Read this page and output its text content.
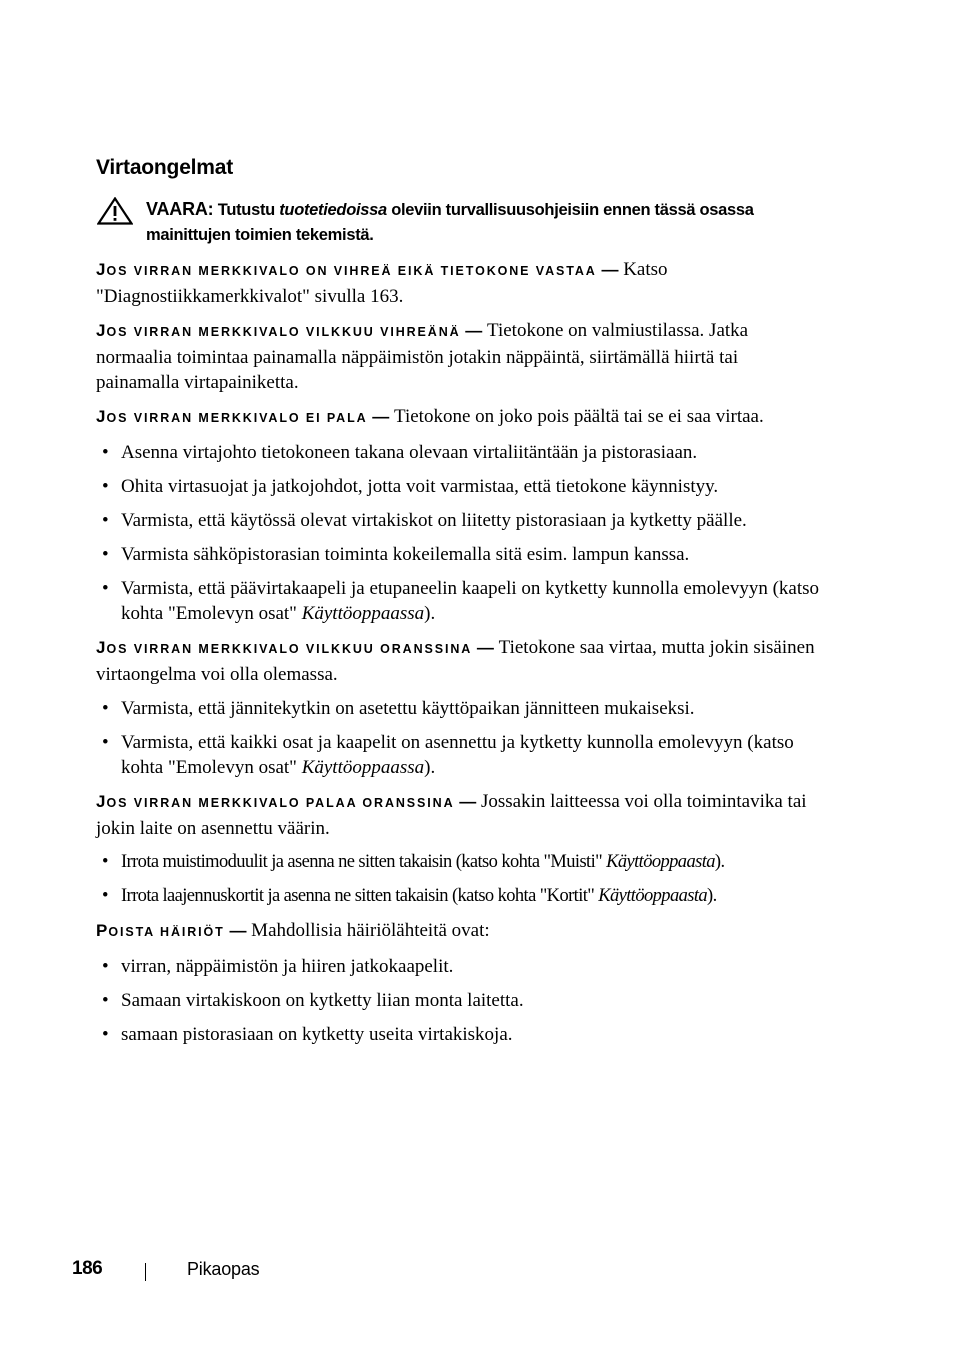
Virtaongelmat
VAARA: Tutustu tuotetiedoissa oleviin turvallisuusohjeisiin ennen tässä osassa mainittujen toimien tekemistä.

JOS VIRRAN MERKKIVALO ON VIHREÄ EIKÄ TIETOKONE VASTAA — Katso "Diagnostiikkamerkkivalot" sivulla 163.

JOS VIRRAN MERKKIVALO VILKKUU VIHREÄNÄ — Tietokone on valmiustilassa. Jatka normaalia toimintaa painamalla näppäimistön jotakin näppäintä, siirtämällä hiirtä tai painamalla virtapainiketta.

JOS VIRRAN MERKKIVALO EI PALA — Tietokone on joko pois päältä tai se ei saa virtaa.

• Asenna virtajohto tietokoneen takana olevaan virtaliitäntään ja pistorasiaan.
• Ohita virtasuojat ja jatkojohdot, jotta voit varmistaa, että tietokone käynnistyy.
• Varmista, että käytössä olevat virtakiskot on liitetty pistorasiaan ja kytketty päälle.
• Varmista sähköpistorasian toiminta kokeilemalla sitä esim. lampun kanssa.
• Varmista, että päävirtakaapeli ja etupaneelin kaapeli on kytketty kunnolla emolevyyn (katso kohta "Emolevyn osat" Käyttöoppaassa).

JOS VIRRAN MERKKIVALO VILKKUU ORANSSINA — Tietokone saa virtaa, mutta jokin sisäinen virtaongelma voi olla olemassa.

• Varmista, että jännitekytkin on asetettu käyttöpaikan jännitteen mukaiseksi.
• Varmista, että kaikki osat ja kaapelit on asennettu ja kytketty kunnolla emolevyyn (katso kohta "Emolevyn osat" Käyttöoppaassa).

JOS VIRRAN MERKKIVALO PALAA ORANSSINA — Jossakin laitteessa voi olla toimintavika tai jokin laite on asennettu väärin.

• Irrota muistimoduulit ja asenna ne sitten takaisin (katso kohta "Muisti" Käyttöoppaasta).
• Irrota laajennuskortit ja asenna ne sitten takaisin (katso kohta "Kortit" Käyttöoppaasta).

POISTA HÄIRIÖT — Mahdollisia häiriölähteitä ovat:

• virran, näppäimistön ja hiiren jatkokaapelit.
• Samaan virtakiskoon on kytketty liian monta laitetta.
• samaan pistorasiaan on kytketty useita virtakiskoja.
186	Pikaopas
